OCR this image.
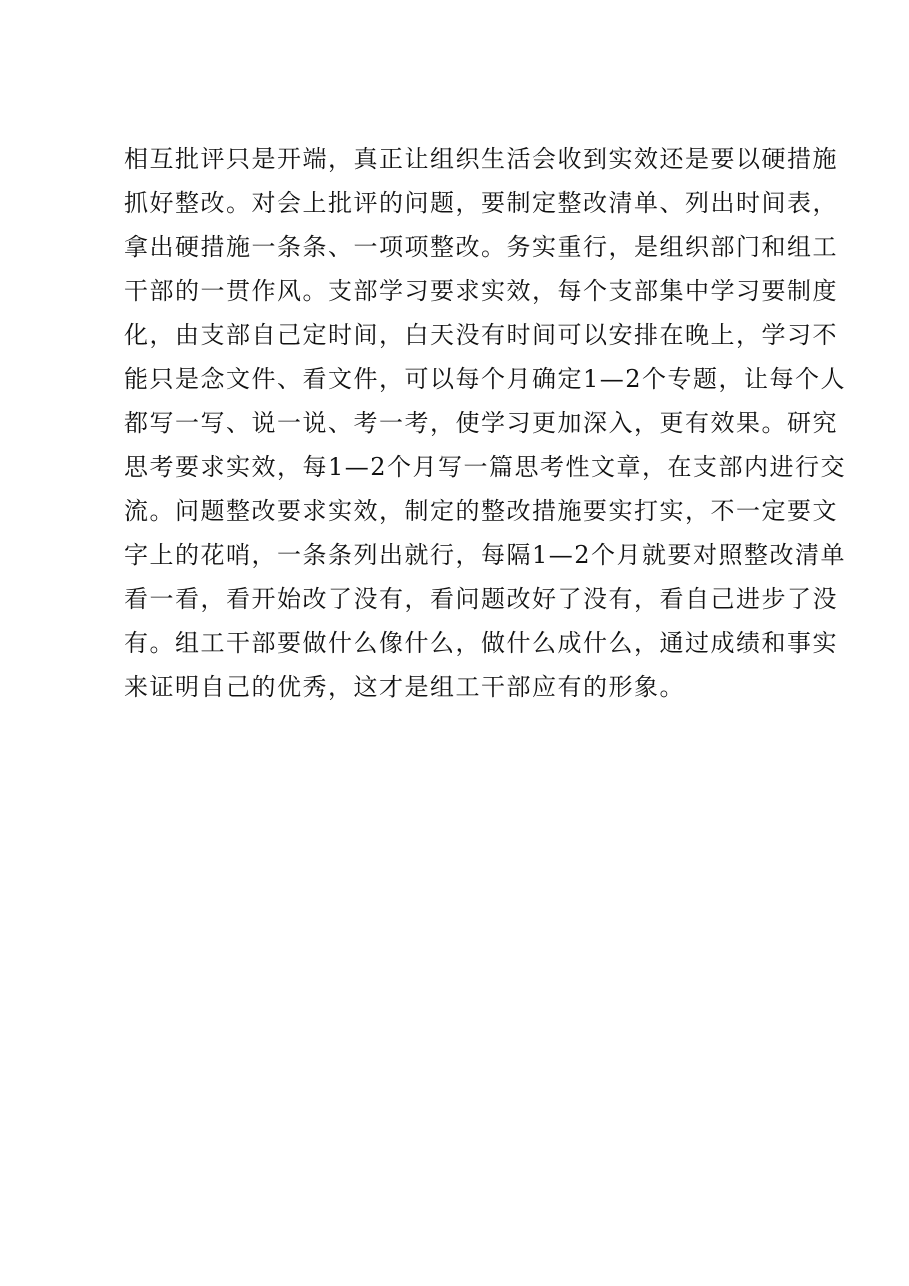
相互批评只是开端，真正让组织生活会收到实效还是要以硬措施
抓好整改。对会上批评的问题，要制定整改清单、列出时间表，
拿出硬措施一条条、一项项整改。务实重行，是组织部门和组工
干部的一贯作风。支部学习要求实效，每个支部集中学习要制度
化，由支部自己定时间，白天没有时间可以安排在晚上，学习不
能只是念文件、看文件，可以每个月确定1—2个专题，让每个人
都写一写、说一说、考一考，使学习更加深入，更有效果。研究
思考要求实效，每1—2个月写一篇思考性文章，在支部内进行交
流。问题整改要求实效，制定的整改措施要实打实，不一定要文
字上的花哨，一条条列出就行，每隔1—2个月就要对照整改清单
看一看，看开始改了没有，看问题改好了没有，看自己进步了没
有。组工干部要做什么像什么，做什么成什么，通过成绩和事实
来证明自己的优秀，这才是组工干部应有的形象。
